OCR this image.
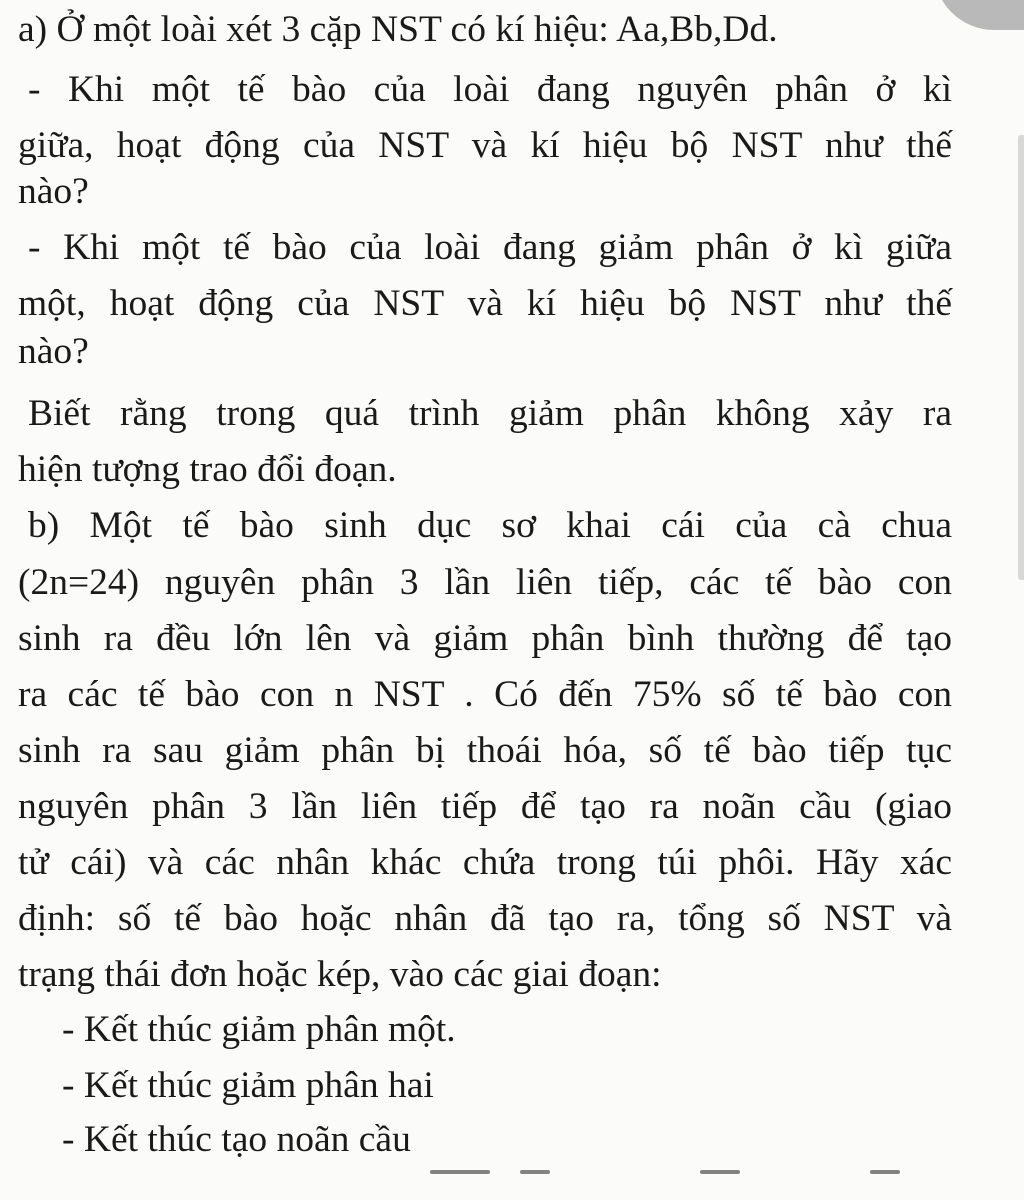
a) Ở một loài xét 3 cặp NST có kí hiệu: Aa,Bb,Dd.
- Khi một tế bào của loài đang nguyên phân ở kì
giữa, hoạt động của NST và kí hiệu bộ NST như thế
nào?
- Khi một tế bào của loài đang giảm phân ở kì giữa
một, hoạt động của NST và kí hiệu bộ NST như thế
nào?
Biết rằng trong quá trình giảm phân không xảy ra
hiện tượng trao đổi đoạn.
b) Một tế bào sinh dục sơ khai cái của cà chua
(2n=24) nguyên phân 3 lần liên tiếp, các tế bào con
sinh ra đều lớn lên và giảm phân bình thường để tạo
ra các tế bào con n NST . Có đến 75% số tế bào con
sinh ra sau giảm phân bị thoái hóa, số tế bào tiếp tục
nguyên phân 3 lần liên tiếp để tạo ra noãn cầu (giao
tử cái) và các nhân khác chứa trong túi phôi. Hãy xác
định: số tế bào hoặc nhân đã tạo ra, tổng số NST và
trạng thái đơn hoặc kép, vào các giai đoạn:
- Kết thúc giảm phân một.
- Kết thúc giảm phân hai
- Kết thúc tạo noãn cầu
